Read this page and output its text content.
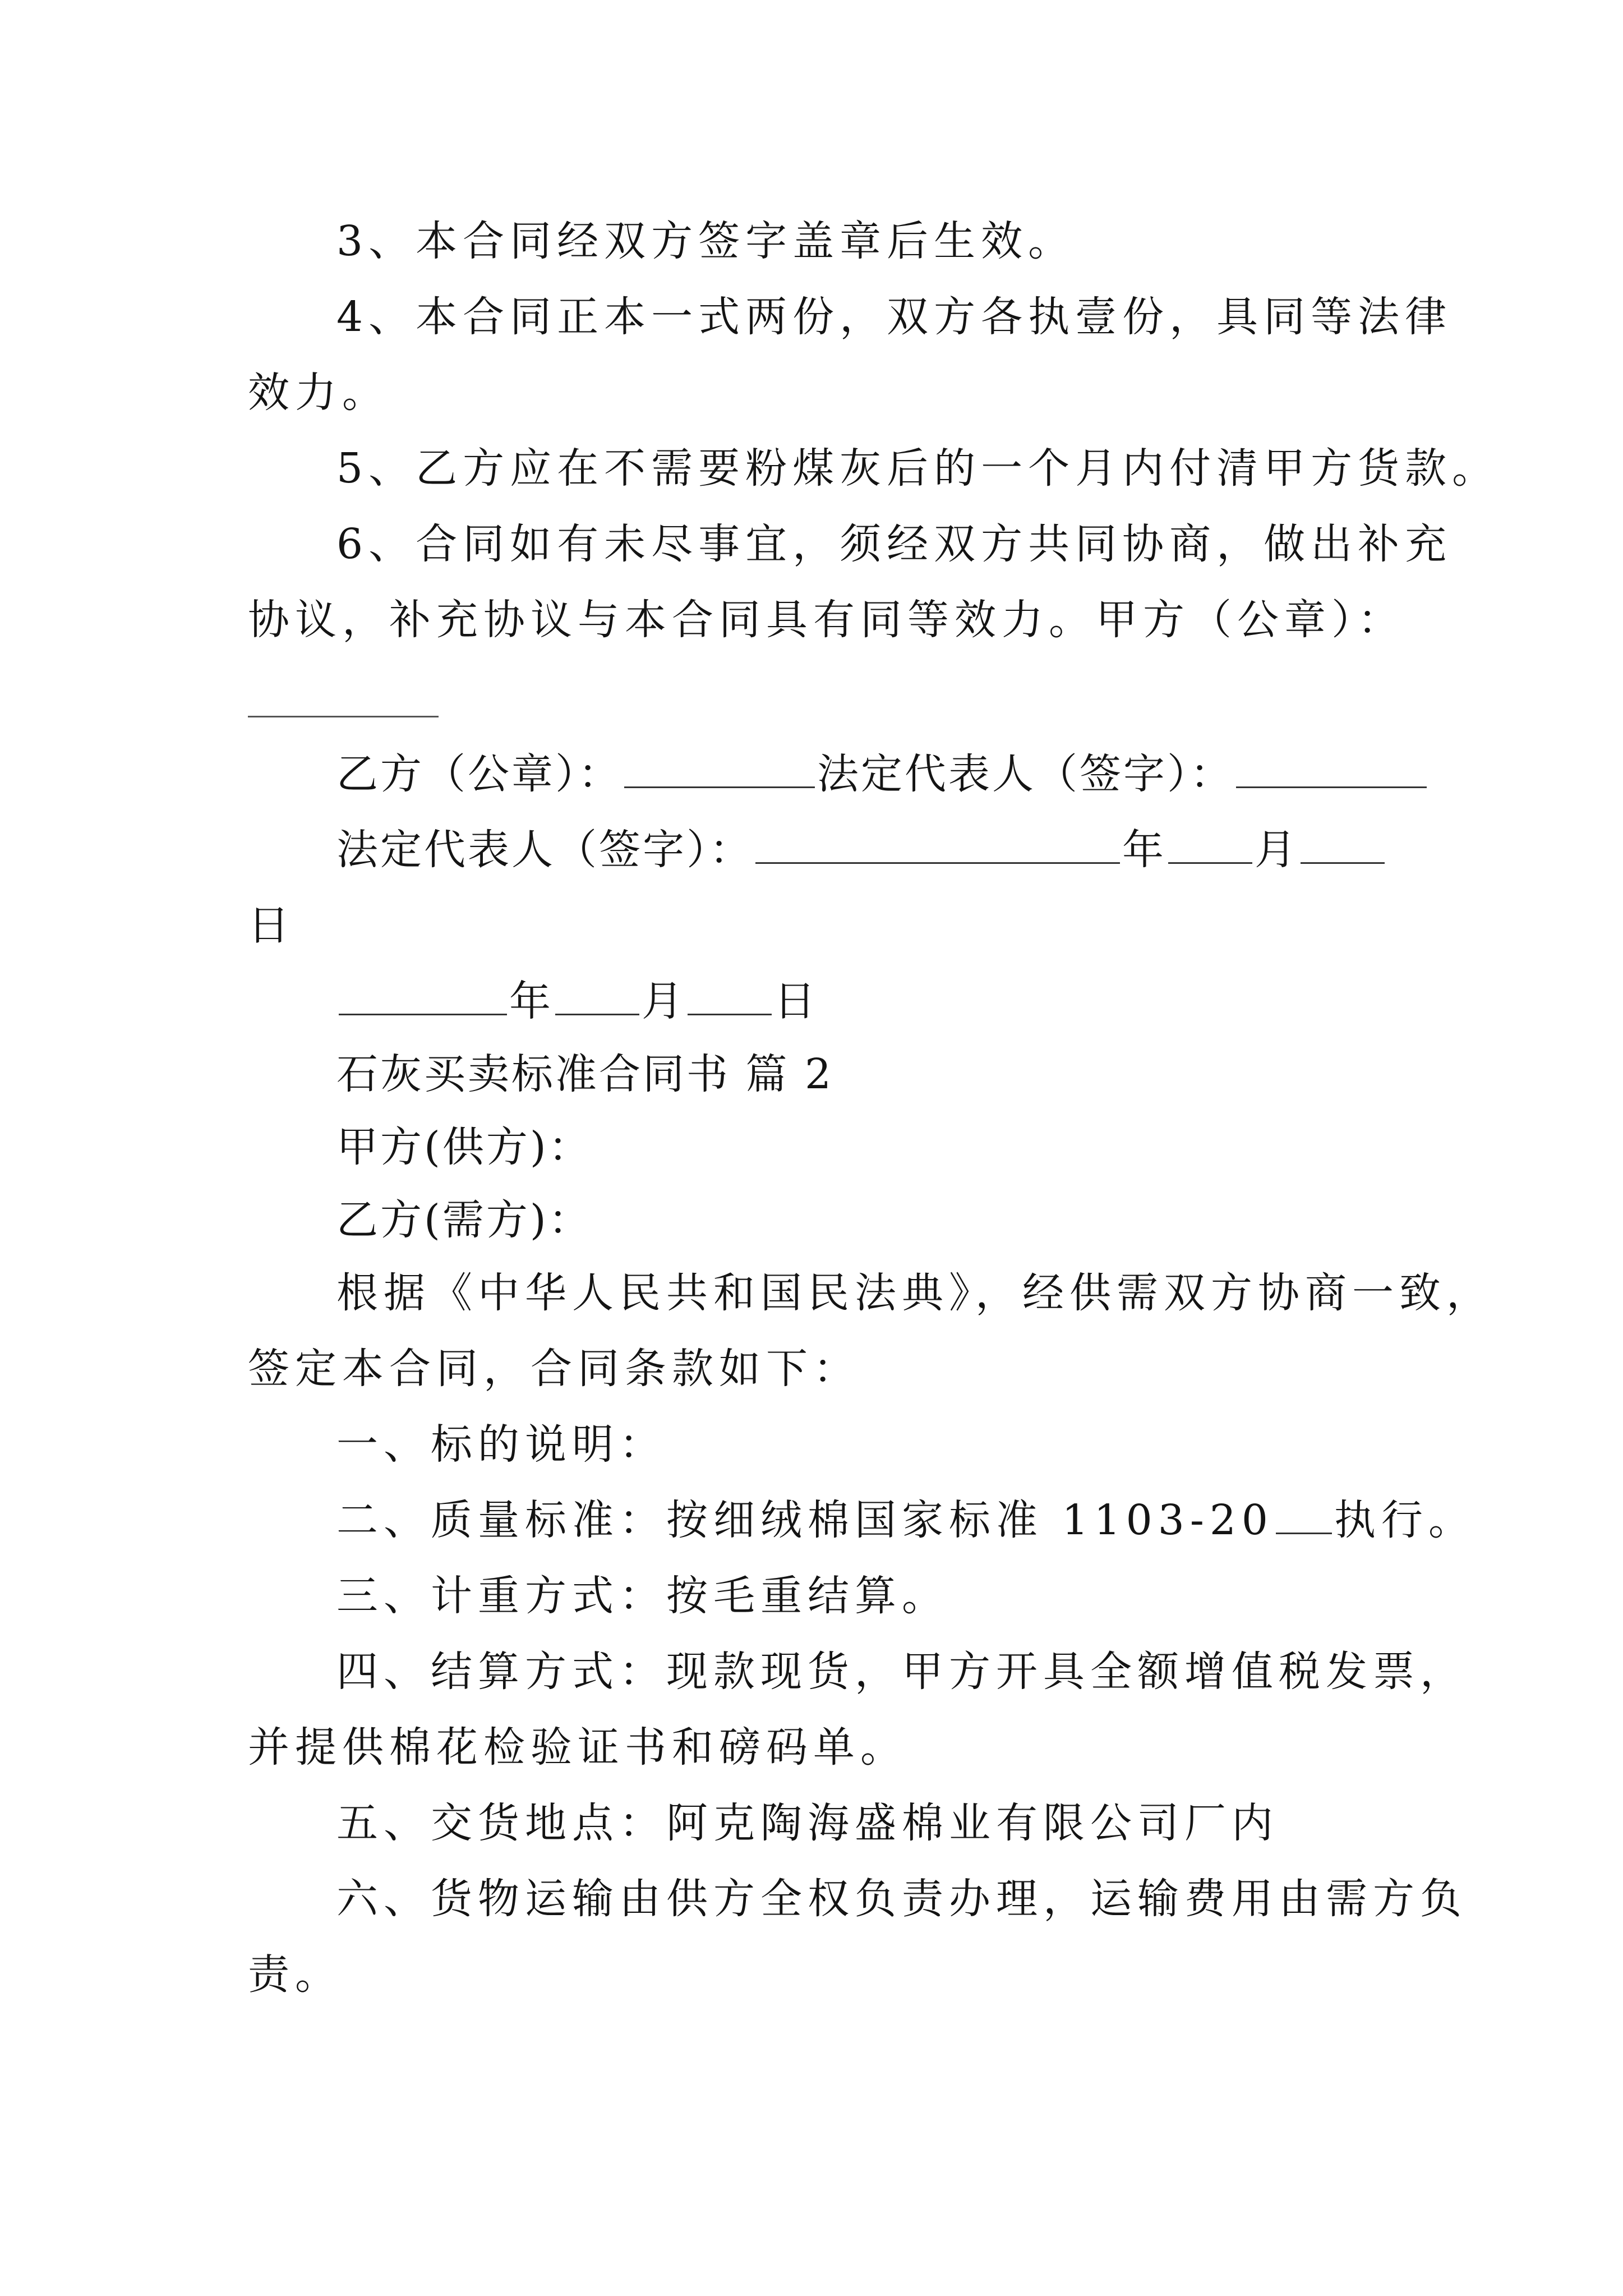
3、本合同经双方签字盖章后生效。
4、本合同正本一式两份，双方各执壹份，具同等法律
效力。
5、乙方应在不需要粉煤灰后的一个月内付清甲方货款。
6、合同如有未尽事宜，须经双方共同协商，做出补充
协议，补充协议与本合同具有同等效力。甲方（公章）：
乙方（公章）：	法定代表人（签字）：
法定代表人（签字）：	年 月
日
年 月 日
石灰买卖标准合同书 篇 2
甲方(供方)：
乙方(需方)：
根据《中华人民共和国民法典》，经供需双方协商一致，
签定本合同，合同条款如下：
一、标的说明：
二、质量标准：按细绒棉国家标准 1103-20 执行。
三、计重方式：按毛重结算。
四、结算方式：现款现货，甲方开具全额增值税发票，
并提供棉花检验证书和磅码单。
五、交货地点：阿克陶海盛棉业有限公司厂内
六、货物运输由供方全权负责办理，运输费用由需方负
责。
